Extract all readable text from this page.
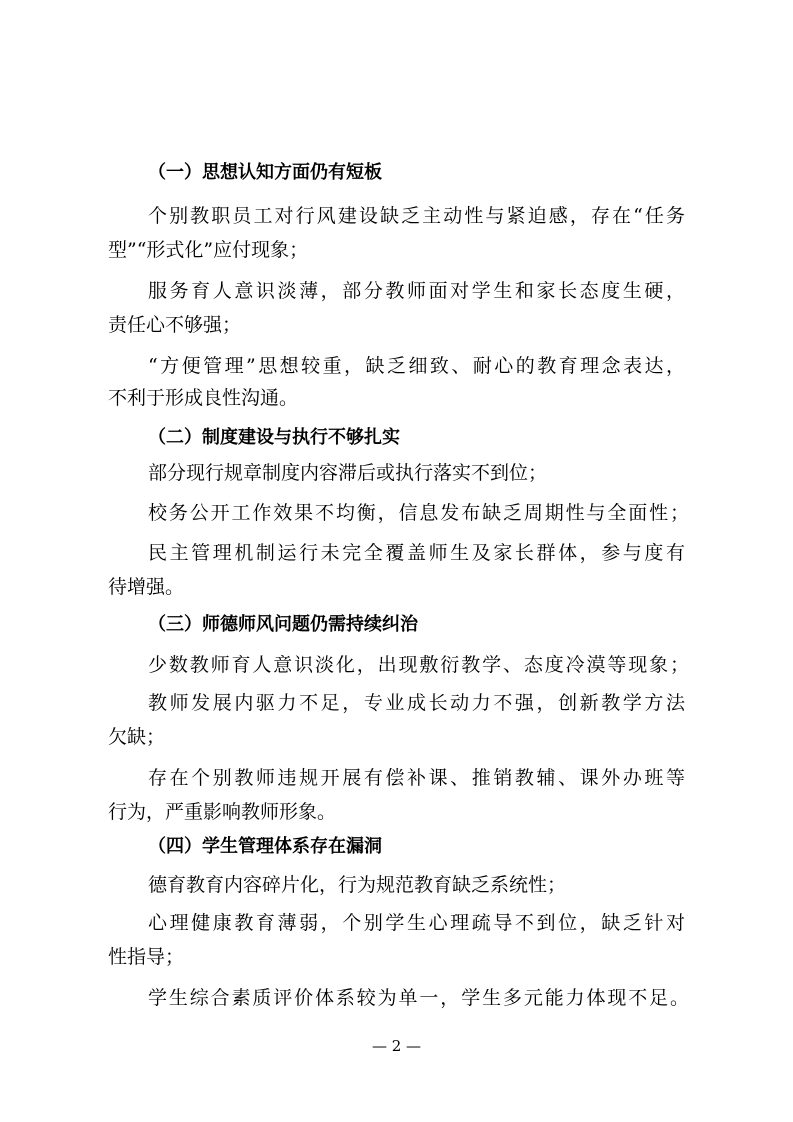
（一）思想认知方面仍有短板
个别教职员工对行风建设缺乏主动性与紧迫感，存在“任务
型”“形式化”应付现象；
服务育人意识淡薄，部分教师面对学生和家长态度生硬，
责任心不够强；
“方便管理”思想较重，缺乏细致、耐心的教育理念表达，
不利于形成良性沟通。
（二）制度建设与执行不够扎实
部分现行规章制度内容滞后或执行落实不到位；
校务公开工作效果不均衡，信息发布缺乏周期性与全面性；
民主管理机制运行未完全覆盖师生及家长群体，参与度有
待增强。
（三）师德师风问题仍需持续纠治
少数教师育人意识淡化，出现敷衍教学、态度冷漠等现象；
教师发展内驱力不足，专业成长动力不强，创新教学方法
欠缺；
存在个别教师违规开展有偿补课、推销教辅、课外办班等
行为，严重影响教师形象。
（四）学生管理体系存在漏洞
德育教育内容碎片化，行为规范教育缺乏系统性；
心理健康教育薄弱，个别学生心理疏导不到位，缺乏针对
性指导；
学生综合素质评价体系较为单一，学生多元能力体现不足。
— 2 —
